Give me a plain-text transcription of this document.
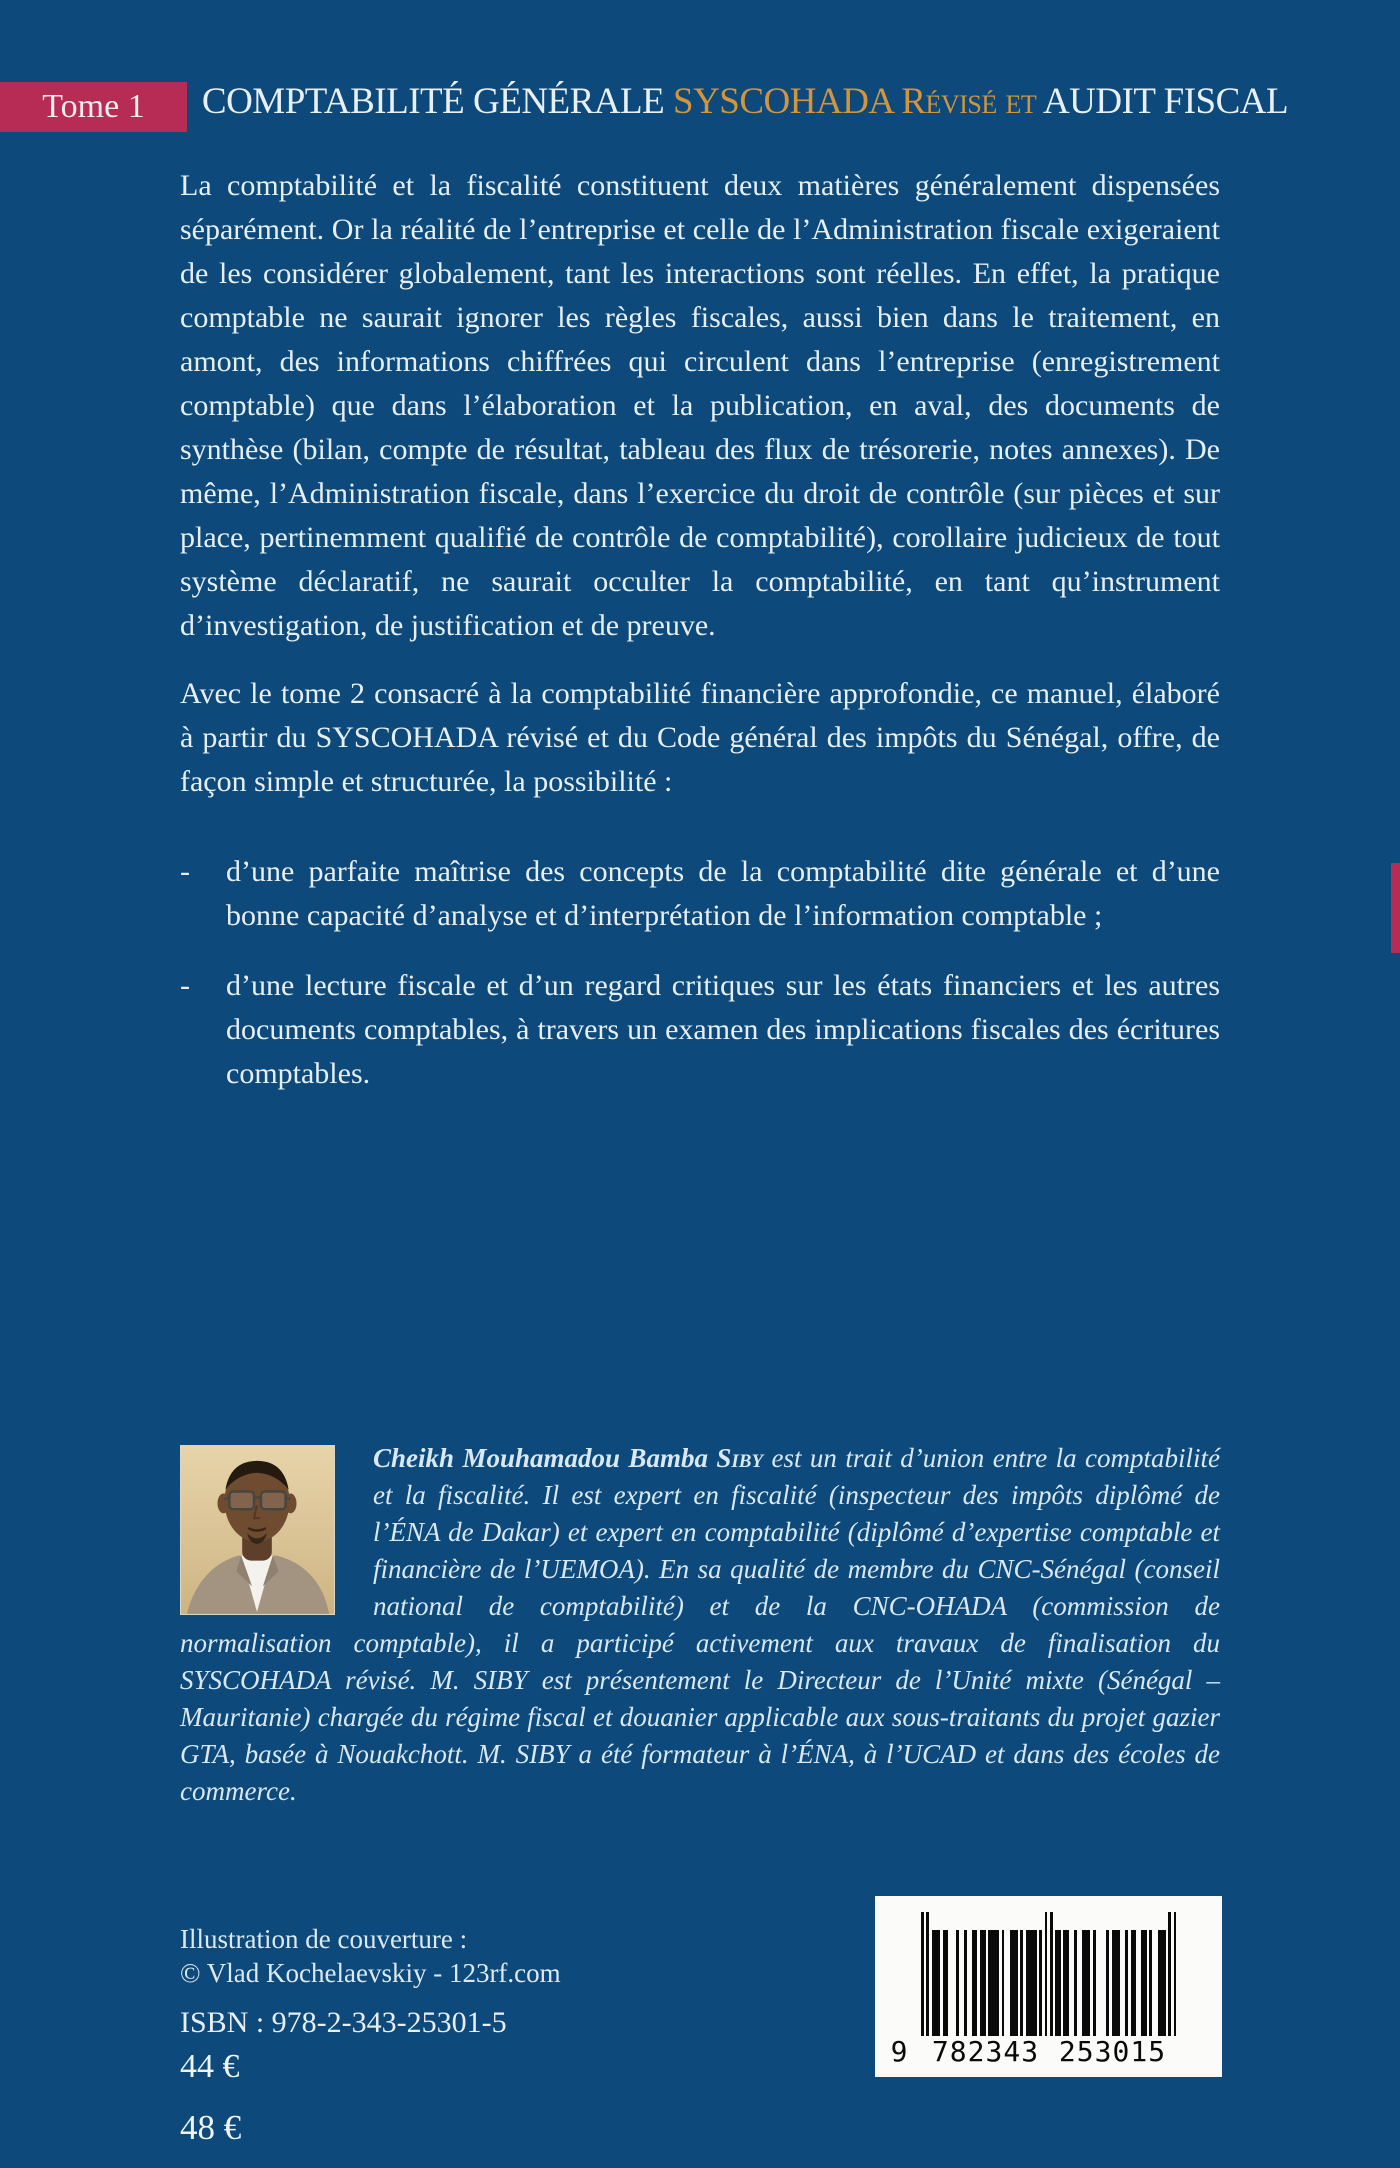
COMPTABILITÉ GÉNÉRALE SYSCOHADA Révisé et AUDIT FISCAL
Tome 1

La comptabilité et la fiscalité constituent deux matières généralement dispensées séparément. Or la réalité de l’entreprise et celle de l’Administration fiscale exigeraient de les considérer globalement, tant les interactions sont réelles. En effet, la pratique comptable ne saurait ignorer les règles fiscales, aussi bien dans le traitement, en amont, des informations chiffrées qui circulent dans l’entreprise (enregistrement comptable) que dans l’élaboration et la publication, en aval, des documents de synthèse (bilan, compte de résultat, tableau des flux de trésorerie, notes annexes). De même, l’Administration fiscale, dans l’exercice du droit de contrôle (sur pièces et sur place, pertinemment qualifié de contrôle de comptabilité), corollaire judicieux de tout système déclaratif, ne saurait occulter la comptabilité, en tant qu’instrument d’investigation, de justification et de preuve.

Avec le tome 2 consacré à la comptabilité financière approfondie, ce manuel, élaboré à partir du SYSCOHADA révisé et du Code général des impôts du Sénégal, offre, de façon simple et structurée, la possibilité :

-	d’une parfaite maîtrise des concepts de la comptabilité dite générale et d’une bonne capacité d’analyse et d’interprétation de l’information comptable ;
-	d’une lecture fiscale et d’un regard critiques sur les états financiers et les autres documents comptables, à travers un examen des implications fiscales des écritures comptables.
Cheikh Mouhamadou Bamba Siby est un trait d’union entre la comptabilité et la fiscalité. Il est expert en fiscalité (inspecteur des impôts diplômé de l’ÉNA de Dakar) et expert en comptabilité (diplômé d’expertise comptable et financière de l’UEMOA). En sa qualité de membre du CNC-Sénégal (conseil national de comptabilité) et de la CNC-OHADA (commission de normalisation comptable), il a participé activement aux travaux de finalisation du SYSCOHADA révisé. M. SIBY est présentement le Directeur de l’Unité mixte (Sénégal – Mauritanie) chargée du régime fiscal et douanier applicable aux sous-traitants du projet gazier GTA, basée à Nouakchott. M. SIBY a été formateur à l’ÉNA, à l’UCAD et dans des écoles de commerce.
Illustration de couverture :
© Vlad Kochelaevskiy - 123rf.com
ISBN : 978-2-343-25301-5
44 €
48 €
9 782343 253015
